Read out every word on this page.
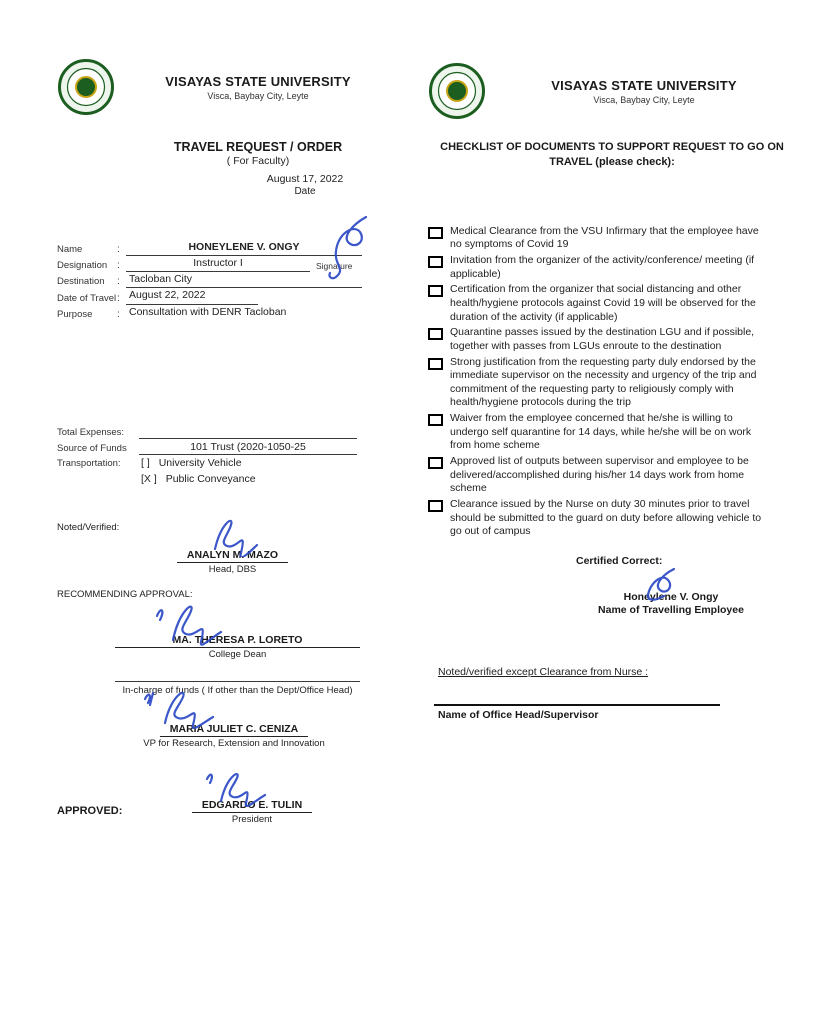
VISAYAS STATE UNIVERSITY
Visca, Baybay City, Leyte
TRAVEL REQUEST / ORDER
( For Faculty)
August 17, 2022
Date
Name	:	HONEYLENE V. ONGY
Designation :	Instructor I	Signature
Destination	: Tacloban City
Date of Travel : August 22, 2022
Purpose	: Consultation with DENR Tacloban
Total Expenses:
Source of Funds	101 Trust (2020-1050-25
Transportation:	[ ] University Vehicle
[X ] Public Conveyance
Noted/Verified:
ANALYN M. MAZO
Head, DBS
RECOMMENDING APPROVAL:
MA. THERESA P. LORETO
College Dean
In-charge of funds ( If other than the Dept/Office Head)
MARIA JULIET C. CENIZA
VP for Research, Extension and Innovation
APPROVED:	EDGARDO E. TULIN
President
VISAYAS STATE UNIVERSITY
Visca, Baybay City, Leyte
CHECKLIST OF DOCUMENTS TO SUPPORT REQUEST TO GO ON TRAVEL (please check):
Medical Clearance from the VSU Infirmary that the employee have no symptoms of Covid 19
Invitation from the organizer of the activity/conference/ meeting (if applicable)
Certification from the organizer that social distancing and other health/hygiene protocols against Covid 19 will be observed for the duration of the activity (if applicable)
Quarantine passes issued by the destination LGU and if possible, together with passes from LGUs enroute to the destination
Strong justification from the requesting party duly endorsed by the immediate supervisor on the necessity and urgency of the trip and commitment of the requesting party to religiously comply with health/hygiene protocols during the trip
Waiver from the employee concerned that he/she is willing to undergo self quarantine for 14 days, while he/she will be on work from home scheme
Approved list of outputs between supervisor and employee to be delivered/accomplished during his/her 14 days work from home scheme
Clearance issued by the Nurse on duty 30 minutes prior to travel should be submitted to the guard on duty before allowing vehicle to go out of campus
Certified Correct:
Honeylene V. Ongy
Name of Travelling Employee
Noted/verified except Clearance from Nurse :
Name of Office Head/Supervisor
